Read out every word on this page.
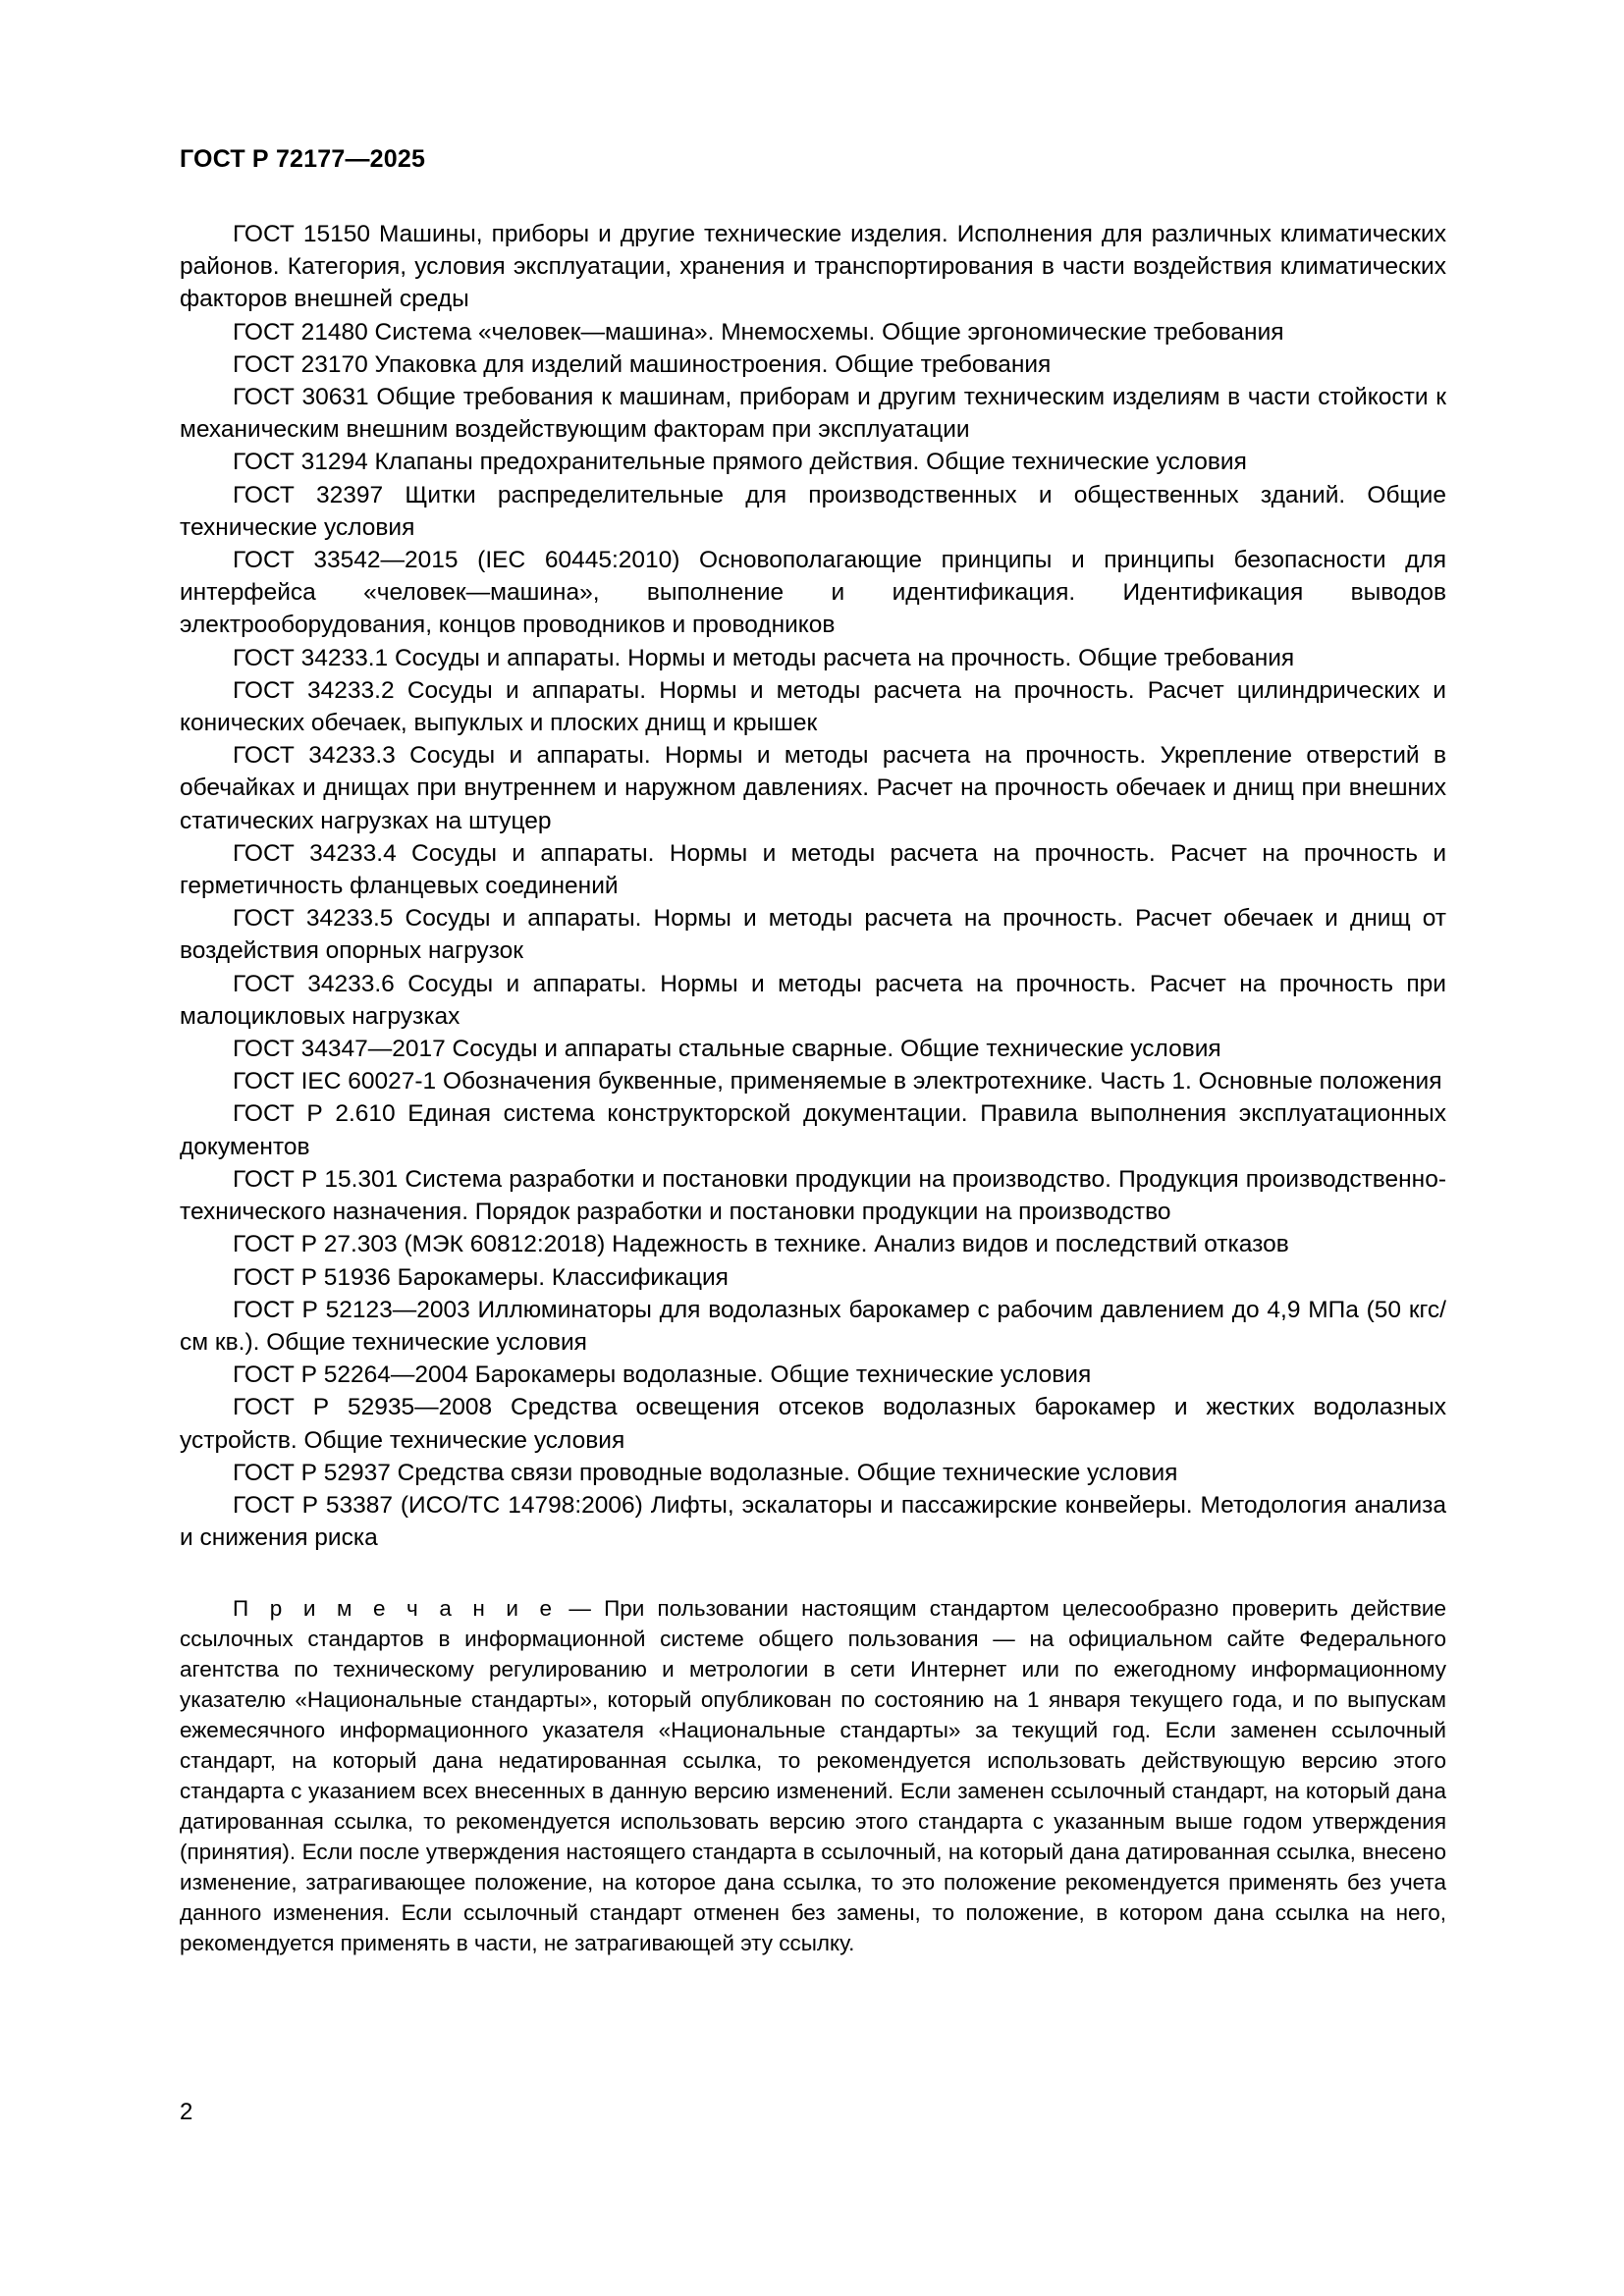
ГОСТ Р 72177—2025

ГОСТ 15150 Машины, приборы и другие технические изделия. Исполнения для различных климатических районов. Категория, условия эксплуатации, хранения и транспортирования в части воздействия климатических факторов внешней среды

ГОСТ 21480 Система «человек—машина». Мнемосхемы. Общие эргономические требования

ГОСТ 23170 Упаковка для изделий машиностроения. Общие требования

ГОСТ 30631 Общие требования к машинам, приборам и другим техническим изделиям в части стойкости к механическим внешним воздействующим факторам при эксплуатации

ГОСТ 31294 Клапаны предохранительные прямого действия. Общие технические условия

ГОСТ 32397 Щитки распределительные для производственных и общественных зданий. Общие технические условия

ГОСТ 33542—2015 (IEC 60445:2010) Основополагающие принципы и принципы безопасности для интерфейса «человек—машина», выполнение и идентификация. Идентификация выводов электрооборудования, концов проводников и проводников

ГОСТ 34233.1 Сосуды и аппараты. Нормы и методы расчета на прочность. Общие требования

ГОСТ 34233.2 Сосуды и аппараты. Нормы и методы расчета на прочность. Расчет цилиндрических и конических обечаек, выпуклых и плоских днищ и крышек

ГОСТ 34233.3 Сосуды и аппараты. Нормы и методы расчета на прочность. Укрепление отверстий в обечайках и днищах при внутреннем и наружном давлениях. Расчет на прочность обечаек и днищ при внешних статических нагрузках на штуцер

ГОСТ 34233.4 Сосуды и аппараты. Нормы и методы расчета на прочность. Расчет на прочность и герметичность фланцевых соединений

ГОСТ 34233.5 Сосуды и аппараты. Нормы и методы расчета на прочность. Расчет обечаек и днищ от воздействия опорных нагрузок

ГОСТ 34233.6 Сосуды и аппараты. Нормы и методы расчета на прочность. Расчет на прочность при малоцикловых нагрузках

ГОСТ 34347—2017 Сосуды и аппараты стальные сварные. Общие технические условия

ГОСТ IEC 60027-1 Обозначения буквенные, применяемые в электротехнике. Часть 1. Основные положения

ГОСТ Р 2.610 Единая система конструкторской документации. Правила выполнения эксплуатационных документов

ГОСТ Р 15.301 Система разработки и постановки продукции на производство. Продукция производственно-технического назначения. Порядок разработки и постановки продукции на производство

ГОСТ Р 27.303 (МЭК 60812:2018) Надежность в технике. Анализ видов и последствий отказов

ГОСТ Р 51936 Барокамеры. Классификация

ГОСТ Р 52123—2003 Иллюминаторы для водолазных барокамер с рабочим давлением до 4,9 МПа (50 кгс/см кв.). Общие технические условия

ГОСТ Р 52264—2004 Барокамеры водолазные. Общие технические условия

ГОСТ Р 52935—2008 Средства освещения отсеков водолазных барокамер и жестких водолазных устройств. Общие технические условия

ГОСТ Р 52937 Средства связи проводные водолазные. Общие технические условия

ГОСТ Р 53387 (ИСО/ТС 14798:2006) Лифты, эскалаторы и пассажирские конвейеры. Методология анализа и снижения риска

П р и м е ч а н и е — При пользовании настоящим стандартом целесообразно проверить действие ссылочных стандартов в информационной системе общего пользования — на официальном сайте Федерального агентства по техническому регулированию и метрологии в сети Интернет или по ежегодному информационному указателю «Национальные стандарты», который опубликован по состоянию на 1 января текущего года, и по выпускам ежемесячного информационного указателя «Национальные стандарты» за текущий год. Если заменен ссылочный стандарт, на который дана недатированная ссылка, то рекомендуется использовать действующую версию этого стандарта с указанием всех внесенных в данную версию изменений. Если заменен ссылочный стандарт, на который дана датированная ссылка, то рекомендуется использовать версию этого стандарта с указанным выше годом утверждения (принятия). Если после утверждения настоящего стандарта в ссылочный, на который дана датированная ссылка, внесено изменение, затрагивающее положение, на которое дана ссылка, то это положение рекомендуется применять без учета данного изменения. Если ссылочный стандарт отменен без замены, то положение, в котором дана ссылка на него, рекомендуется применять в части, не затрагивающей эту ссылку.

2
